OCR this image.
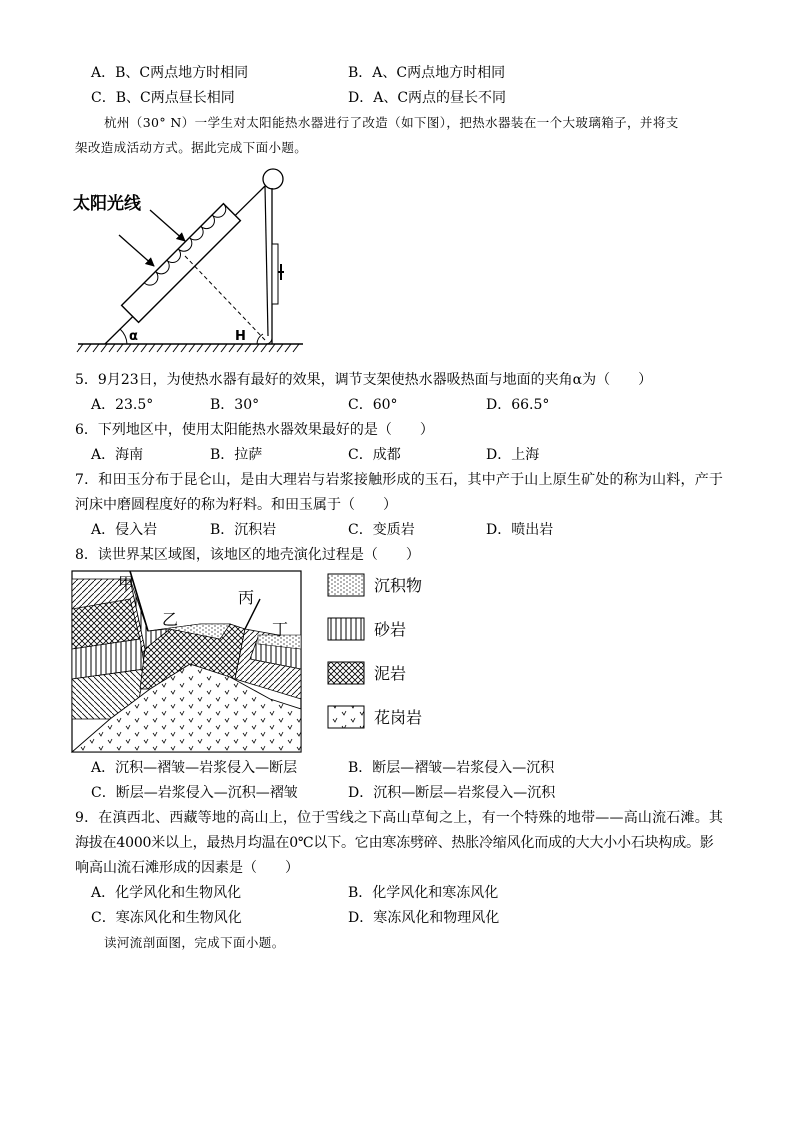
A．B、C两点地方时相同	B．A、C两点地方时相同
C．B、C两点昼长相同	D．A、C两点的昼长不同
杭州（30° N）一学生对太阳能热水器进行了改造（如下图），把热水器装在一个大玻璃箱子，并将支
架改造成活动方式。据此完成下面小题。
太阳光线
α	H
5．9月23日，为使热水器有最好的效果，调节支架使热水器吸热面与地面的夹角α为（　　）
A．23.5°	B．30°	C．60°	D．66.5°
6．下列地区中，使用太阳能热水器效果最好的是（　　）
A．海南	B．拉萨	C．成都	D．上海
7．和田玉分布于昆仑山，是由大理岩与岩浆接触形成的玉石，其中产于山上原生矿处的称为山料，产于
河床中磨圆程度好的称为籽料。和田玉属于（　　）
A．侵入岩	B．沉积岩	C．变质岩	D．喷出岩
8．读世界某区域图，该地区的地壳演化过程是（　　）
甲
乙
丙
丁
沉积物
砂岩
泥岩
花岗岩
A．沉积—褶皱—岩浆侵入—断层	B．断层—褶皱—岩浆侵入—沉积
C．断层—岩浆侵入—沉积—褶皱	D．沉积—断层—岩浆侵入—沉积
9．在滇西北、西藏等地的高山上，位于雪线之下高山草甸之上，有一个特殊的地带——高山流石滩。其
海拔在4000米以上，最热月均温在0℃以下。它由寒冻劈碎、热胀冷缩风化而成的大大小小石块构成。影
响高山流石滩形成的因素是（　　）
A．化学风化和生物风化	B．化学风化和寒冻风化
C．寒冻风化和生物风化	D．寒冻风化和物理风化
读河流剖面图，完成下面小题。
